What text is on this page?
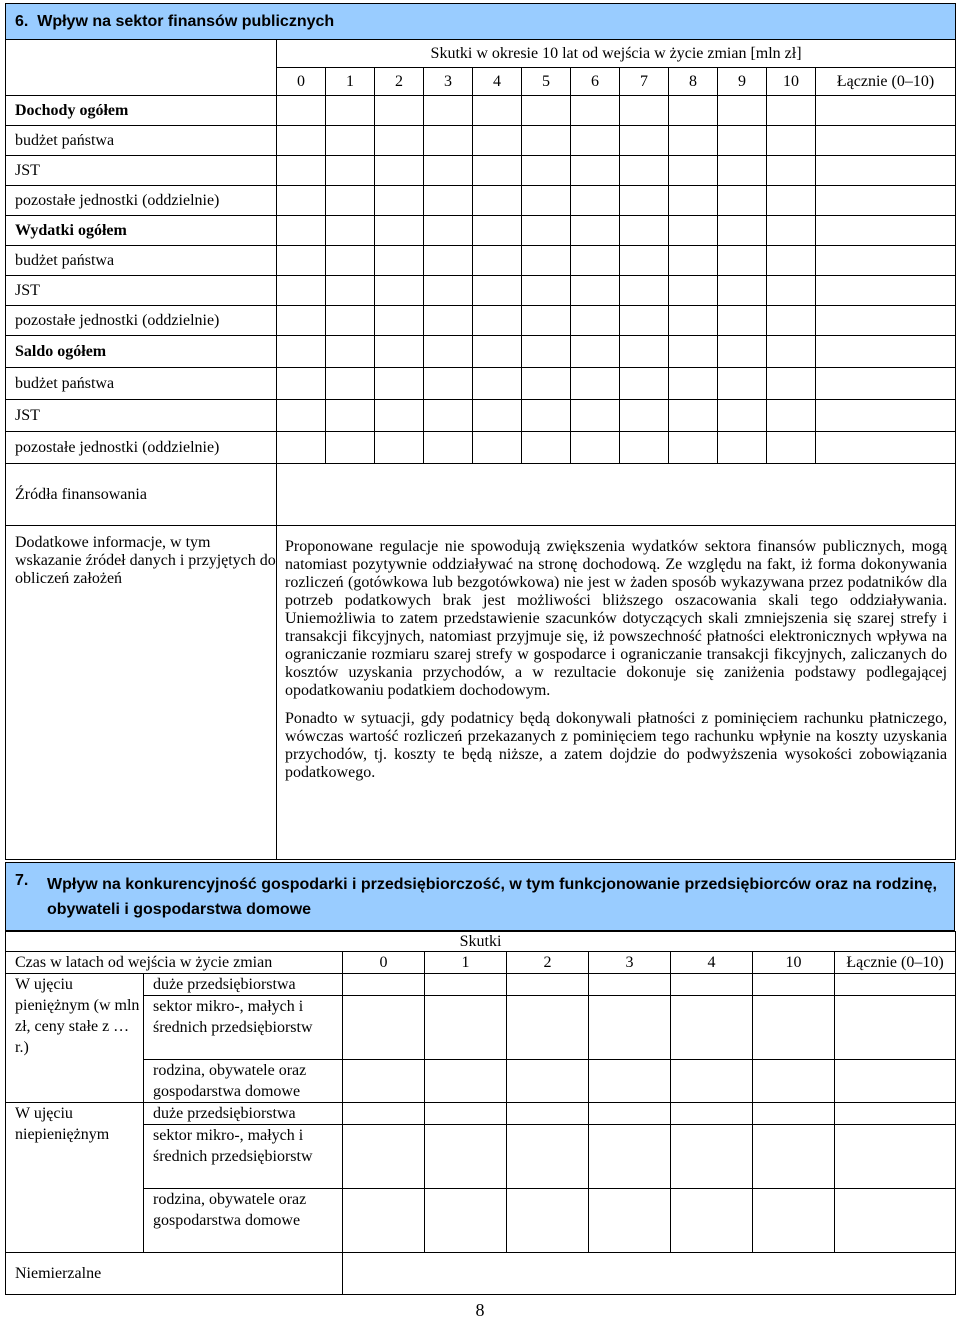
6.  Wpływ na sektor finansów publicznych												
	Skutki w okresie 10 lat od wejścia w życie zmian [mln zł]											
	0	1	2	3	4	5	6	7	8	9	10	Łącznie (0–10)
Dochody ogółem												
budżet państwa												
JST												
pozostałe jednostki (oddzielnie)												
Wydatki ogółem												
budżet państwa												
JST												
pozostałe jednostki (oddzielnie)												
Saldo ogółem												
budżet państwa												
JST												
pozostałe jednostki (oddzielnie)												
Źródła finansowania												
Dodatkowe informacje, w tym wskazanie źródeł danych i przyjętych do obliczeń założeń	Proponowane regulacje nie spowodują zwiększenia wydatków sektora finansów publicznych, mogą natomiast pozytywnie oddziaływać na stronę dochodową. Ze względu na fakt, iż forma dokonywania rozliczeń (gotówkowa lub bezgotówkowa) nie jest w żaden sposób wykazywana przez podatników dla potrzeb podatkowych brak jest możliwości bliższego oszacowania skali tego oddziaływania. Uniemożliwia to zatem przedstawienie szacunków dotyczących skali zmniejszenia się szarej strefy i transakcji fikcyjnych, natomiast przyjmuje się, iż powszechność płatności elektronicznych wpływa na ograniczanie rozmiaru szarej strefy w gospodarce i ograniczanie transakcji fikcyjnych, zaliczanych do kosztów uzyskania przychodów, a w rezultacie dokonuje się zaniżenia podstawy podlegającej opodatkowaniu podatkiem dochodowym.

Ponadto w sytuacji, gdy podatnicy będą dokonywali płatności z pominięciem rachunku płatniczego, wówczas wartość rozliczeń przekazanych z pominięciem tego rachunku wpłynie na koszty uzyskania przychodów, tj. koszty te będą niższe, a zatem dojdzie do podwyższenia wysokości zobowiązania podatkowego.											

7.	Wpływ na konkurencyjność gospodarki i przedsiębiorczość, w tym funkcjonowanie przedsiębiorców oraz na rodzinę, obywateli i gospodarstwa domowe
Skutki								
Czas w latach od wejścia w życie zmian		0	1	2	3	4	10	Łącznie (0–10)
W ujęciu pieniężnym (w mln zł, ceny stałe z … r.)	duże przedsiębiorstwa							
	sektor mikro-, małych i średnich przedsiębiorstw							
	rodzina, obywatele oraz gospodarstwa domowe							
W ujęciu niepieniężnym	duże przedsiębiorstwa							
	sektor mikro-, małych i średnich przedsiębiorstw							
	rodzina, obywatele oraz gospodarstwa domowe							
Niemierzalne								
8
